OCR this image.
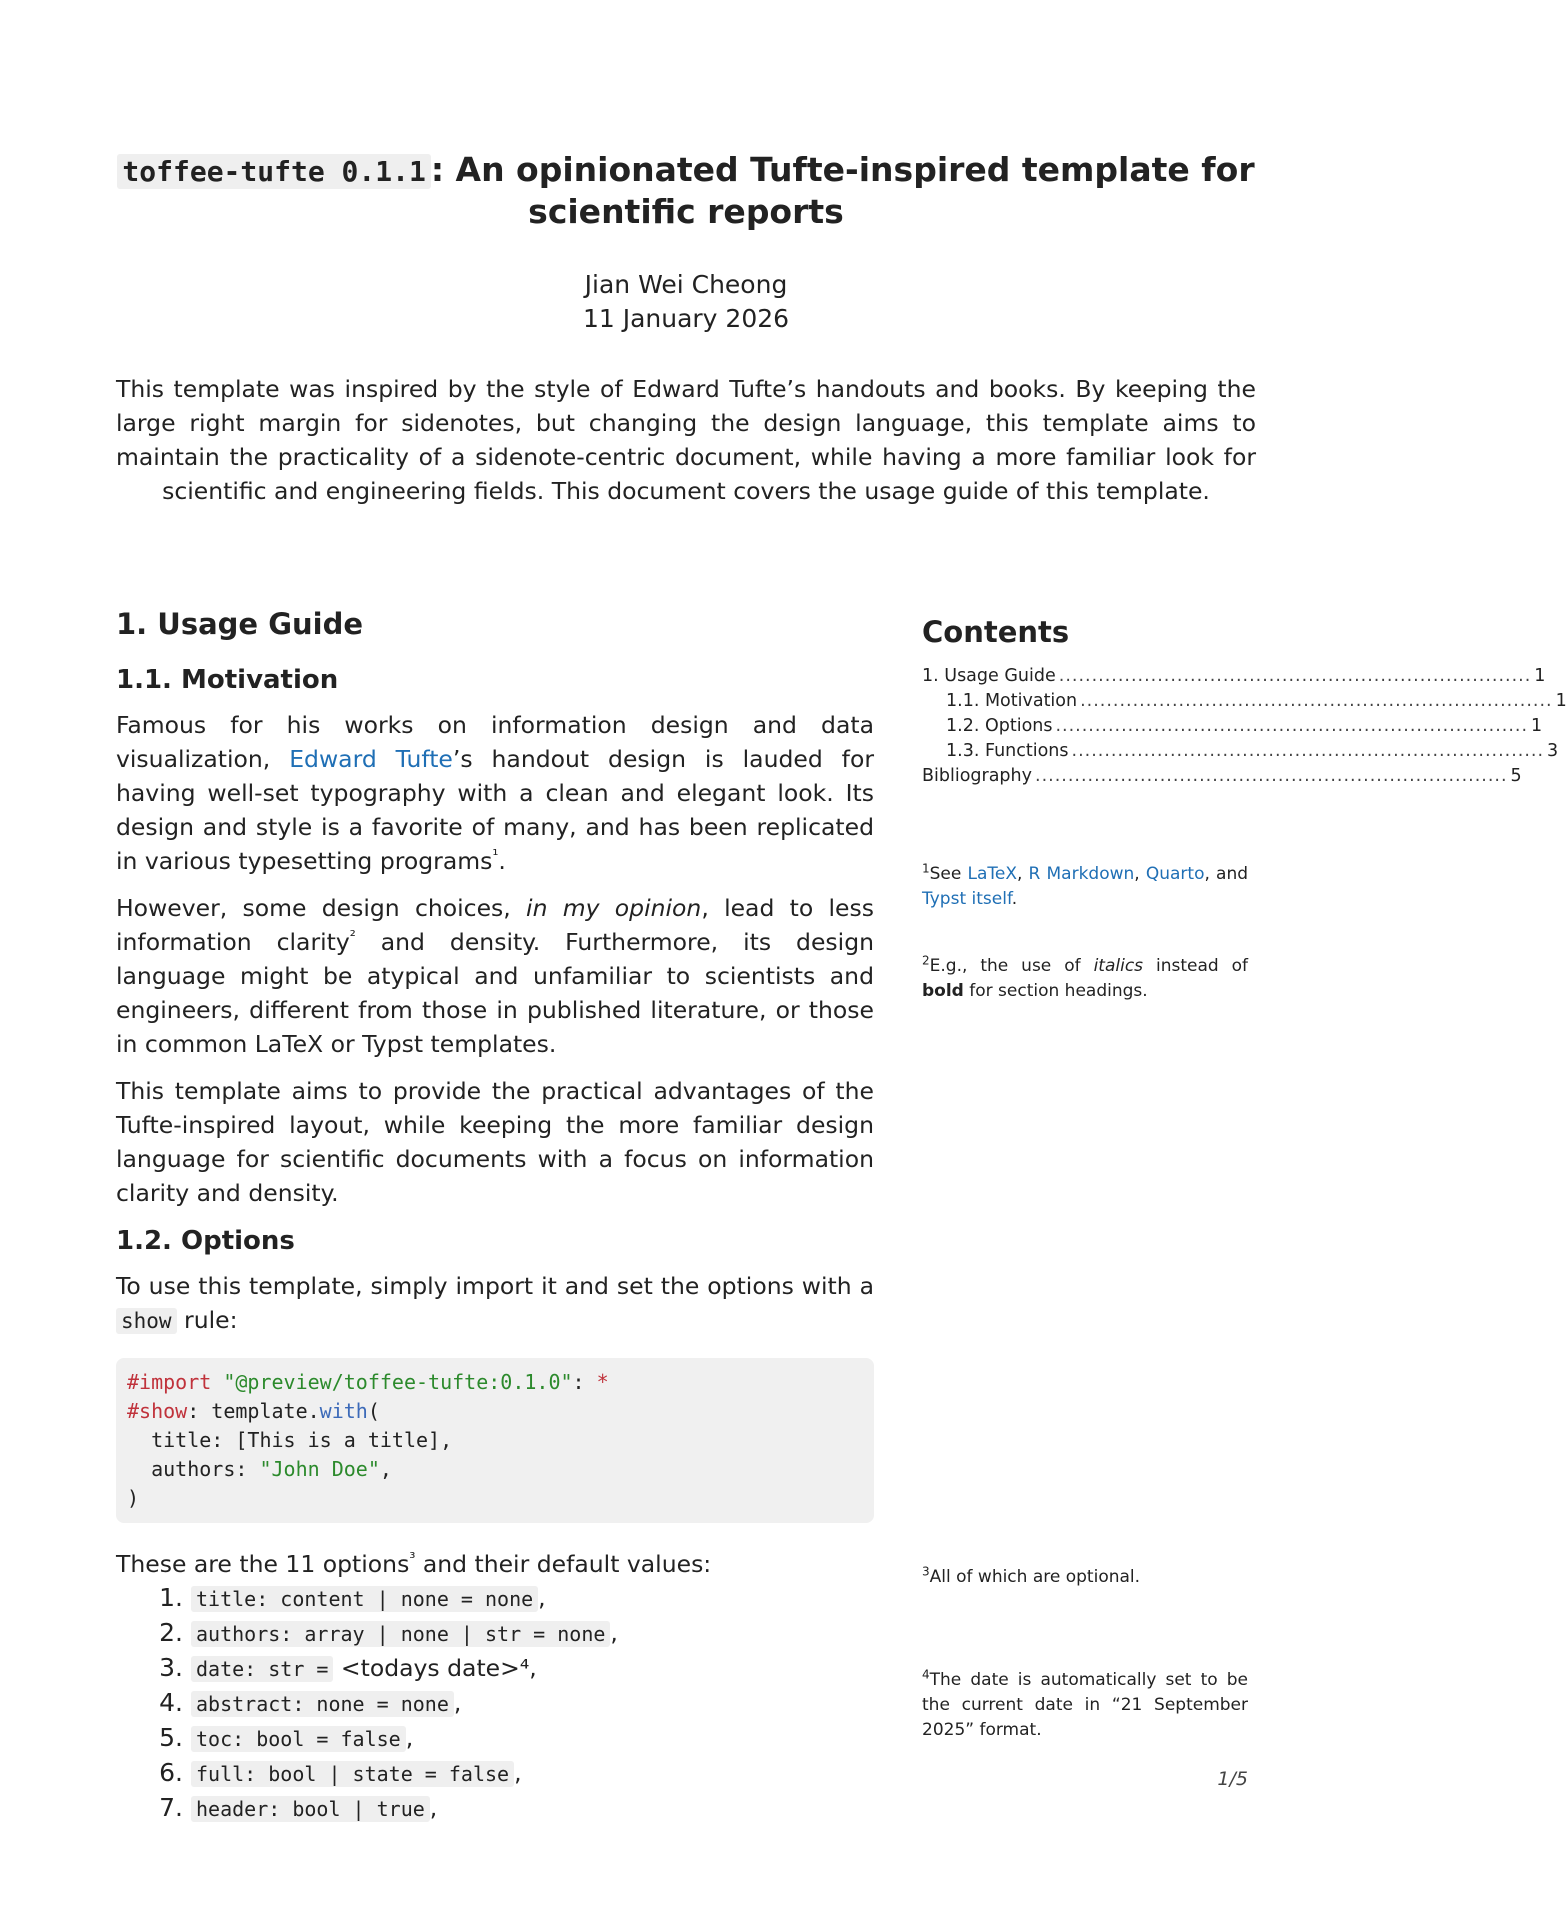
toffee-tufte 0.1.1 : An opinionated Tufte-inspired template for scientific reports
Jian Wei Cheong
11 January 2026
This template was inspired by the style of Edward Tufte’s handouts and books. By keeping the large right margin for sidenotes, but changing the design language, this template aims to maintain the practicality of a sidenote-centric document, while having a more familiar look for scientific and engineering fields. This document covers the usage guide of this template.
1. Usage Guide
1.1. Motivation

Famous for his works on information design and data visualization, Edward Tufte’s handout design is lauded for having well-set typography with a clean and elegant look. Its design and style is a favorite of many, and has been replicated in various typesetting programs$^{^1}$.

However, some design choices, in my opinion, lead to less information clarity$^{^2}$ and density. Furthermore, its design language might be atypical and unfamiliar to scientists and engineers, different from those in published literature, or those in common LaTeX or Typst templates.

This template aims to provide the practical advantages of the Tufte-inspired layout, while keeping the more familiar design language for scientific documents with a focus on information clarity and density.

1.2. Options

To use this template, simply import it and set the options with a show rule:

#import "@preview/toffee-tufte:0.1.0": *
#show: template.with(
title: [This is a title],
authors: "John Doe",
)

These are the 11 options$^{^3}$ and their default values:

1. title: content | none = none ,
2. authors: array | none | str = none ,
3. date: str = <todays date>⁴,
4. abstract: none = none ,
5. toc: bool = false ,
6. full: bool | state = false ,
7. header: bool | true ,
Contents
1. Usage Guide ........................................................................ 1
1.1. Motivation ........................................................................ 1
1.2. Options ........................................................................ 1
1.3. Functions ........................................................................ 3
Bibliography ........................................................................ 5
$^1$See LaTeX, R Markdown, Quarto, and Typst itself.
$^2$E.g., the use of italics instead of bold for section headings.
$^3$All of which are optional.
$^4$The date is automatically set to be the current date in “21 September 2025” format.
1/5
